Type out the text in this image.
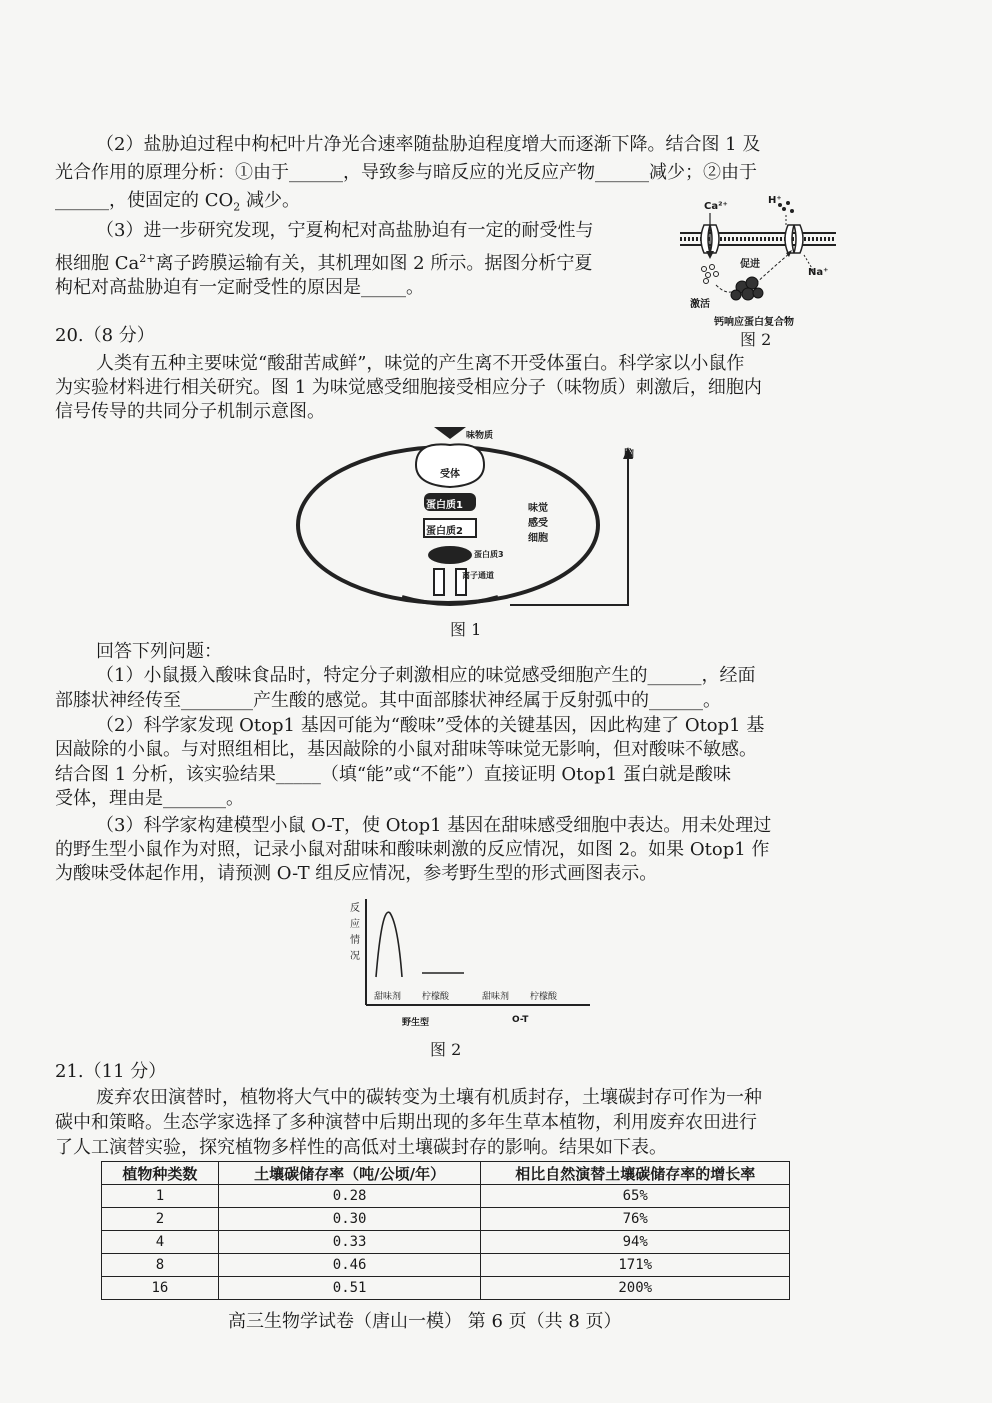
（2）盐胁迫过程中枸杞叶片净光合速率随盐胁迫程度增大而逐渐下降。结合图 1 及
光合作用的原理分析：①由于______，导致参与暗反应的光反应产物______减少；②由于
______，使固定的 $CO_2$ 减少。
（3）进一步研究发现，宁夏枸杞对高盐胁迫有一定的耐受性与
根细胞 $Ca^{2+}$离子跨膜运输有关，其机理如图 2 所示。据图分析宁夏
枸杞对高盐胁迫有一定耐受性的原因是_____。
Ca²⁺
H⁺
促进
Na⁺
激活
钙响应蛋白复合物
图 2
20.（8 分）
人类有五种主要味觉“酸甜苦咸鲜”，味觉的产生离不开受体蛋白。科学家以小鼠作
为实验材料进行相关研究。图 1 为味觉感受细胞接受相应分子（味物质）刺激后，细胞内
信号传导的共同分子机制示意图。
味物质
受体
蛋白质1
蛋白质2
蛋白质3
离子通道
味觉感受细胞
脑
图 1
回答下列问题：
（1）小鼠摄入酸味食品时，特定分子刺激相应的味觉感受细胞产生的______，经面
部膝状神经传至________产生酸的感觉。其中面部膝状神经属于反射弧中的______。
（2）科学家发现 Otop1 基因可能为“酸味”受体的关键基因，因此构建了 Otop1 基
因敲除的小鼠。与对照组相比，基因敲除的小鼠对甜味等味觉无影响，但对酸味不敏感。
结合图 1 分析，该实验结果_____（填“能”或“不能”）直接证明 Otop1 蛋白就是酸味
受体，理由是_______。
（3）科学家构建模型小鼠 O-T，使 Otop1 基因在甜味感受细胞中表达。用未处理过
的野生型小鼠作为对照，记录小鼠对甜味和酸味刺激的反应情况，如图 2。如果 Otop1 作
为酸味受体起作用，请预测 O-T 组反应情况，参考野生型的形式画图表示。
反应情况
甜味剂 柠檬酸	甜味剂 柠檬酸
野生型	O-T
图 2
21.（11 分）
废弃农田演替时，植物将大气中的碳转变为土壤有机质封存，土壤碳封存可作为一种
碳中和策略。生态学家选择了多种演替中后期出现的多年生草本植物，利用废弃农田进行
了人工演替实验，探究植物多样性的高低对土壤碳封存的影响。结果如下表。
植物种类数	土壤碳储存率（吨/公顷/年）	相比自然演替土壤碳储存率的增长率
1	0.28	65%
2	0.30	76%
4	0.33	94%
8	0.46	171%
16	0.51	200%
高三生物学试卷（唐山一模） 第 6 页（共 8 页）
